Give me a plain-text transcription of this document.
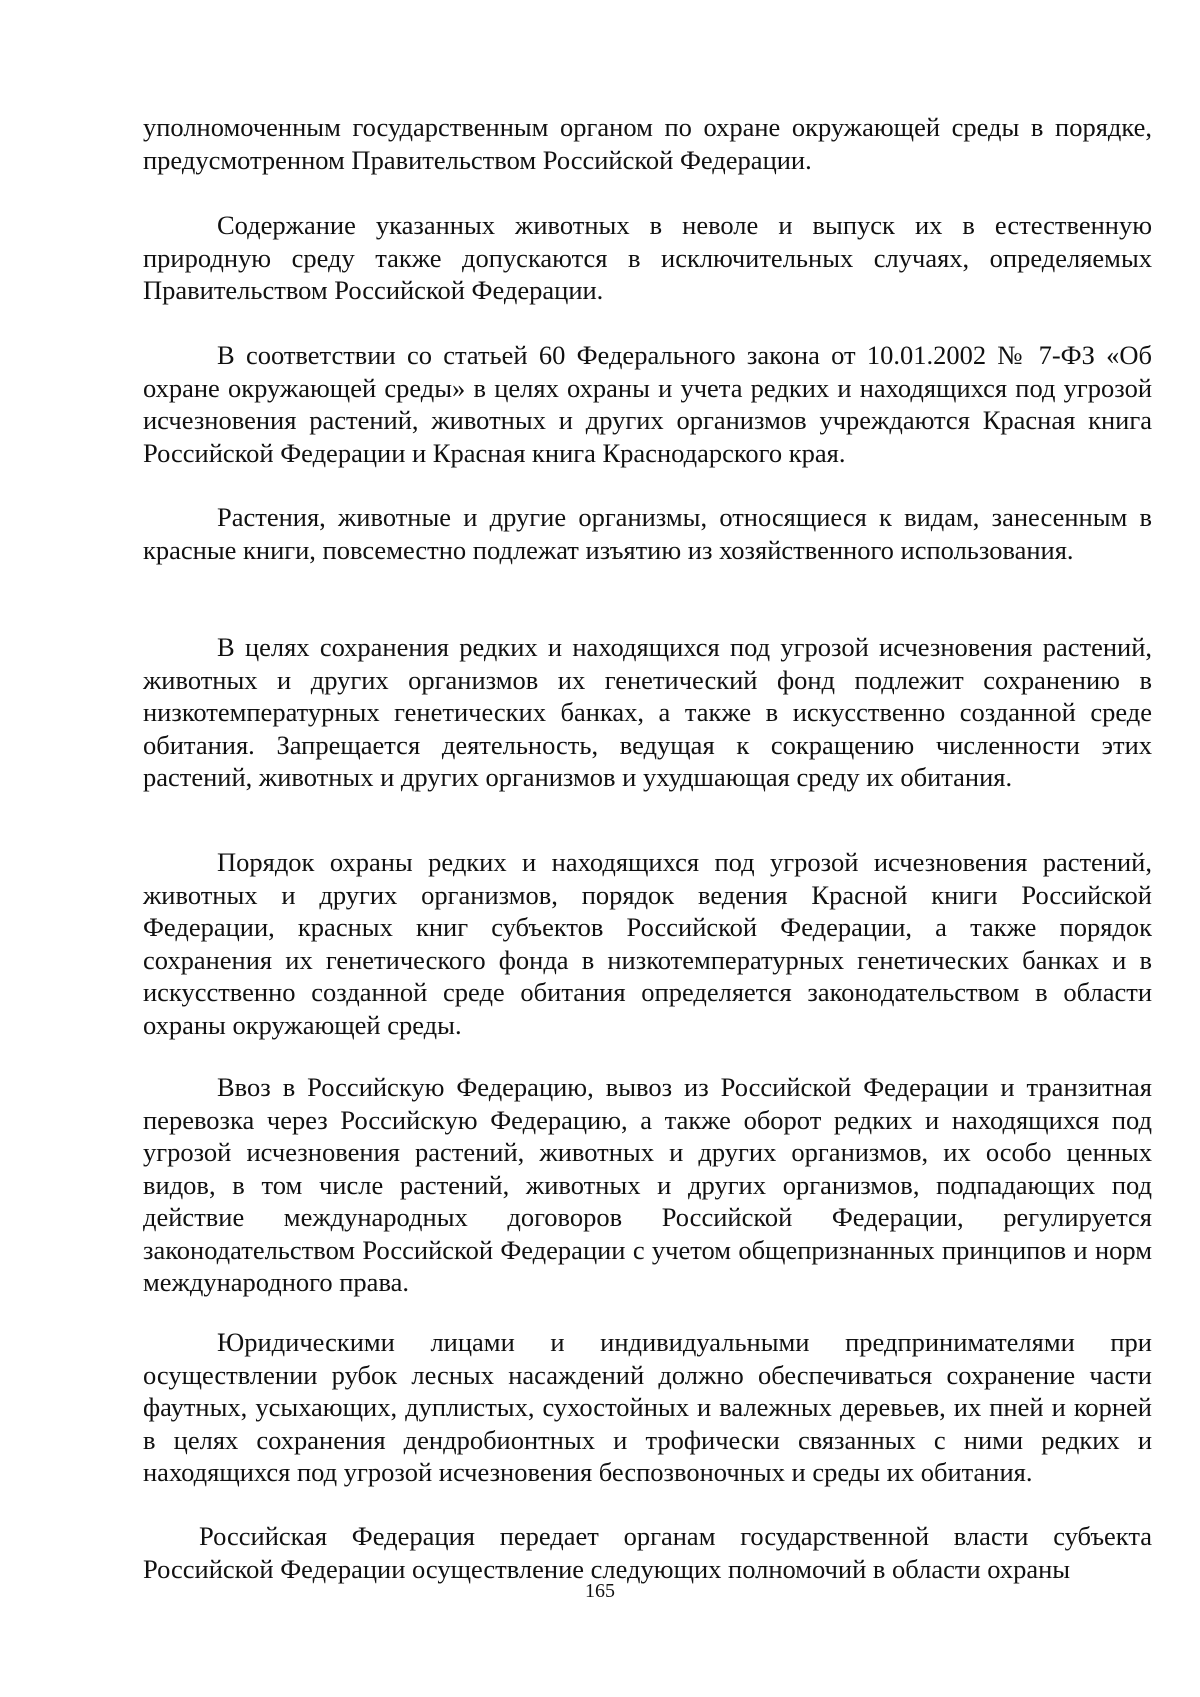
уполномоченным государственным органом по охране окружающей среды в порядке, предусмотренном Правительством Российской Федерации.

Содержание указанных животных в неволе и выпуск их в естественную природную среду также допускаются в исключительных случаях, определяемых Правительством Российской Федерации.

В соответствии со статьей 60 Федерального закона от 10.01.2002 № 7-ФЗ «Об охране окружающей среды» в целях охраны и учета редких и находящихся под угрозой исчезновения растений, животных и других организмов учреждаются Красная книга Российской Федерации и Красная книга Краснодарского края.

Растения, животные и другие организмы, относящиеся к видам, занесенным в красные книги, повсеместно подлежат изъятию из хозяйственного использования.

В целях сохранения редких и находящихся под угрозой исчезновения растений, животных и других организмов их генетический фонд подлежит сохранению в низкотемпературных генетических банках, а также в искусственно созданной среде обитания. Запрещается деятельность, ведущая к сокращению численности этих растений, животных и других организмов и ухудшающая среду их обитания.

Порядок охраны редких и находящихся под угрозой исчезновения растений, животных и других организмов, порядок ведения Красной книги Российской Федерации, красных книг субъектов Российской Федерации, а также порядок сохранения их генетического фонда в низкотемпературных генетических банках и в искусственно созданной среде обитания определяется законодательством в области охраны окружающей среды.

Ввоз в Российскую Федерацию, вывоз из Российской Федерации и транзитная перевозка через Российскую Федерацию, а также оборот редких и находящихся под угрозой исчезновения растений, животных и других организмов, их особо ценных видов, в том числе растений, животных и других организмов, подпадающих под действие международных договоров Российской Федерации, регулируется законодательством Российской Федерации с учетом общепризнанных принципов и норм международного права.

Юридическими лицами и индивидуальными предпринимателями при осуществлении рубок лесных насаждений должно обеспечиваться сохранение части фаутных, усыхающих, дуплистых, сухостойных и валежных деревьев, их пней и корней в целях сохранения дендробионтных и трофически связанных с ними редких и находящихся под угрозой исчезновения беспозвоночных и среды их обитания.

Российская Федерация передает органам государственной власти субъекта Российской Федерации осуществление следующих полномочий в области охраны

165
